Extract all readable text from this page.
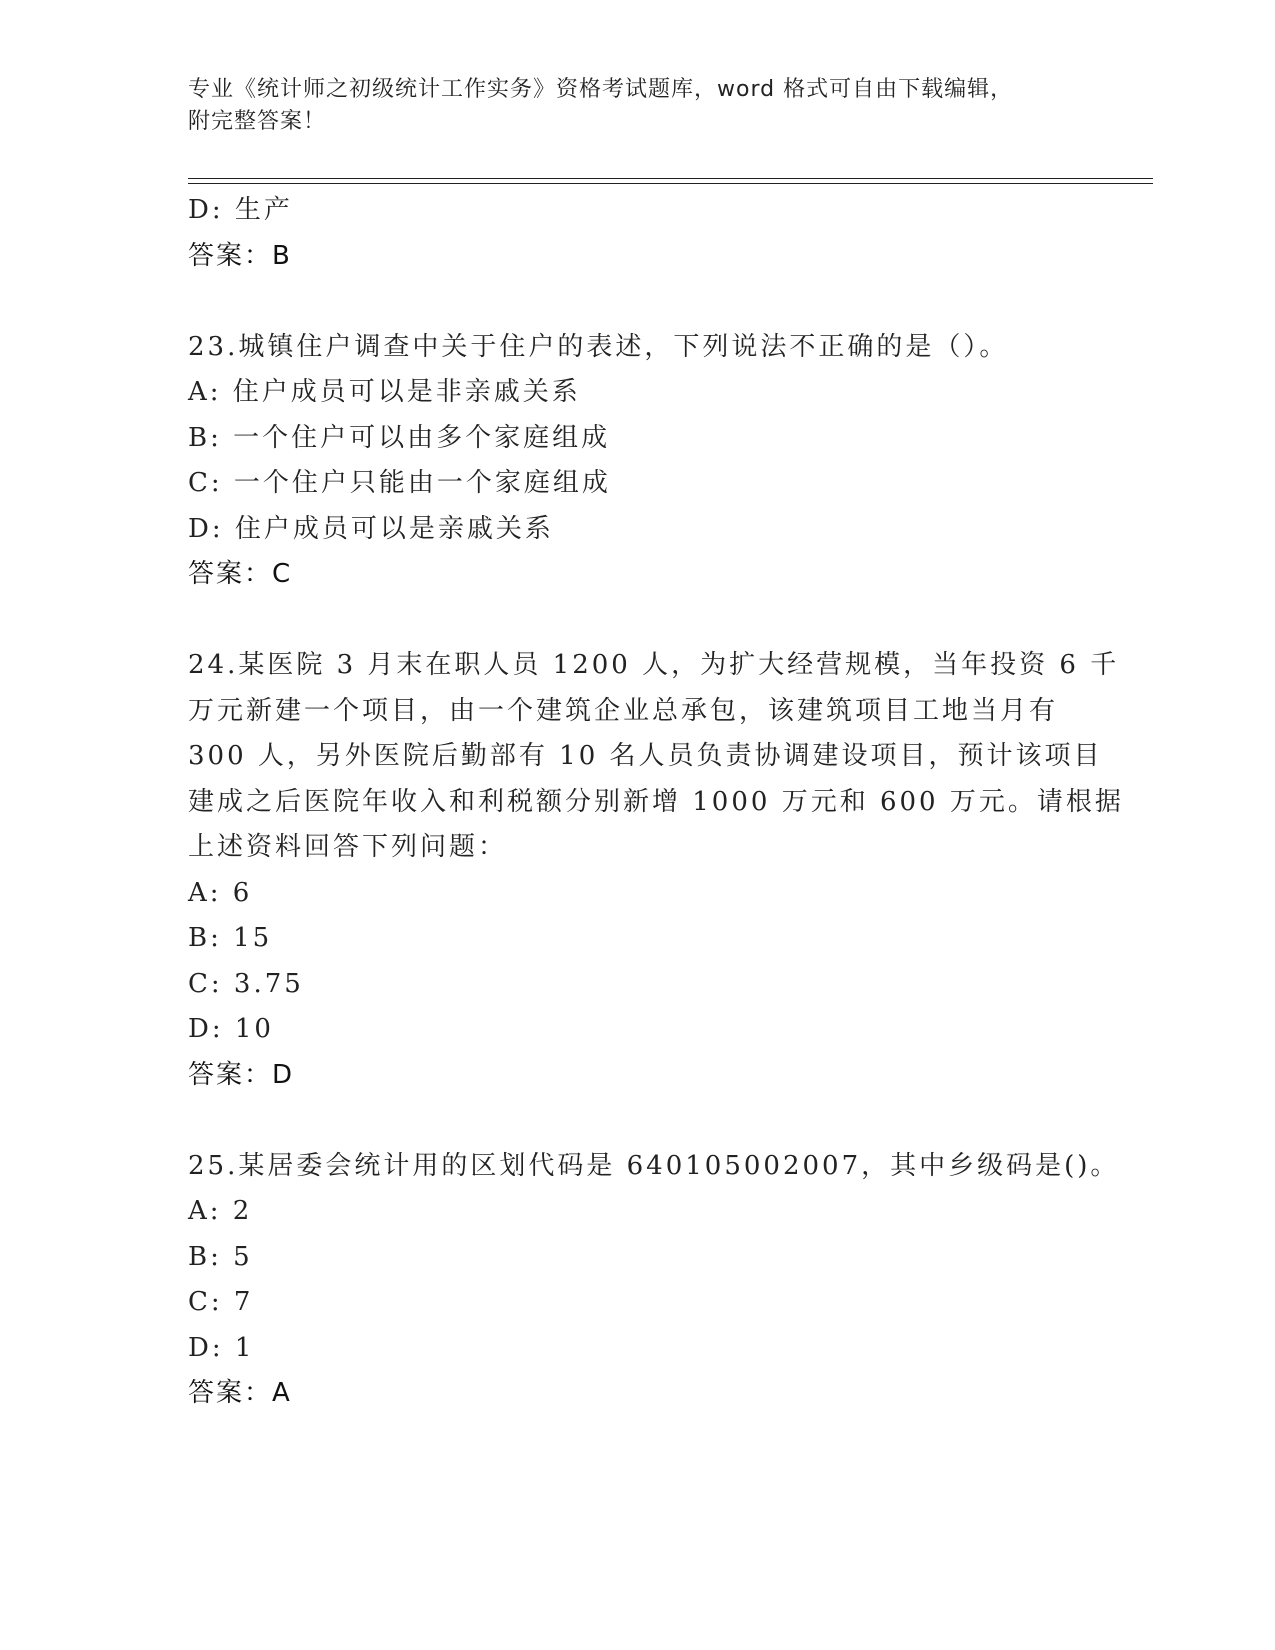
专业《统计师之初级统计工作实务》资格考试题库，word 格式可自由下载编辑，
附完整答案！
D: 生产
答案：B
23.城镇住户调查中关于住户的表述，下列说法不正确的是（）。
A: 住户成员可以是非亲戚关系
B: 一个住户可以由多个家庭组成
C: 一个住户只能由一个家庭组成
D: 住户成员可以是亲戚关系
答案：C
24.某医院 3 月末在职人员 1200 人，为扩大经营规模，当年投资 6 千
万元新建一个项目，由一个建筑企业总承包，该建筑项目工地当月有
300 人，另外医院后勤部有 10 名人员负责协调建设项目，预计该项目
建成之后医院年收入和利税额分别新增 1000 万元和 600 万元。请根据
上述资料回答下列问题：
A: 6
B: 15
C: 3.75
D: 10
答案：D
25.某居委会统计用的区划代码是 640105002007，其中乡级码是()。
A: 2
B: 5
C: 7
D: 1
答案：A
